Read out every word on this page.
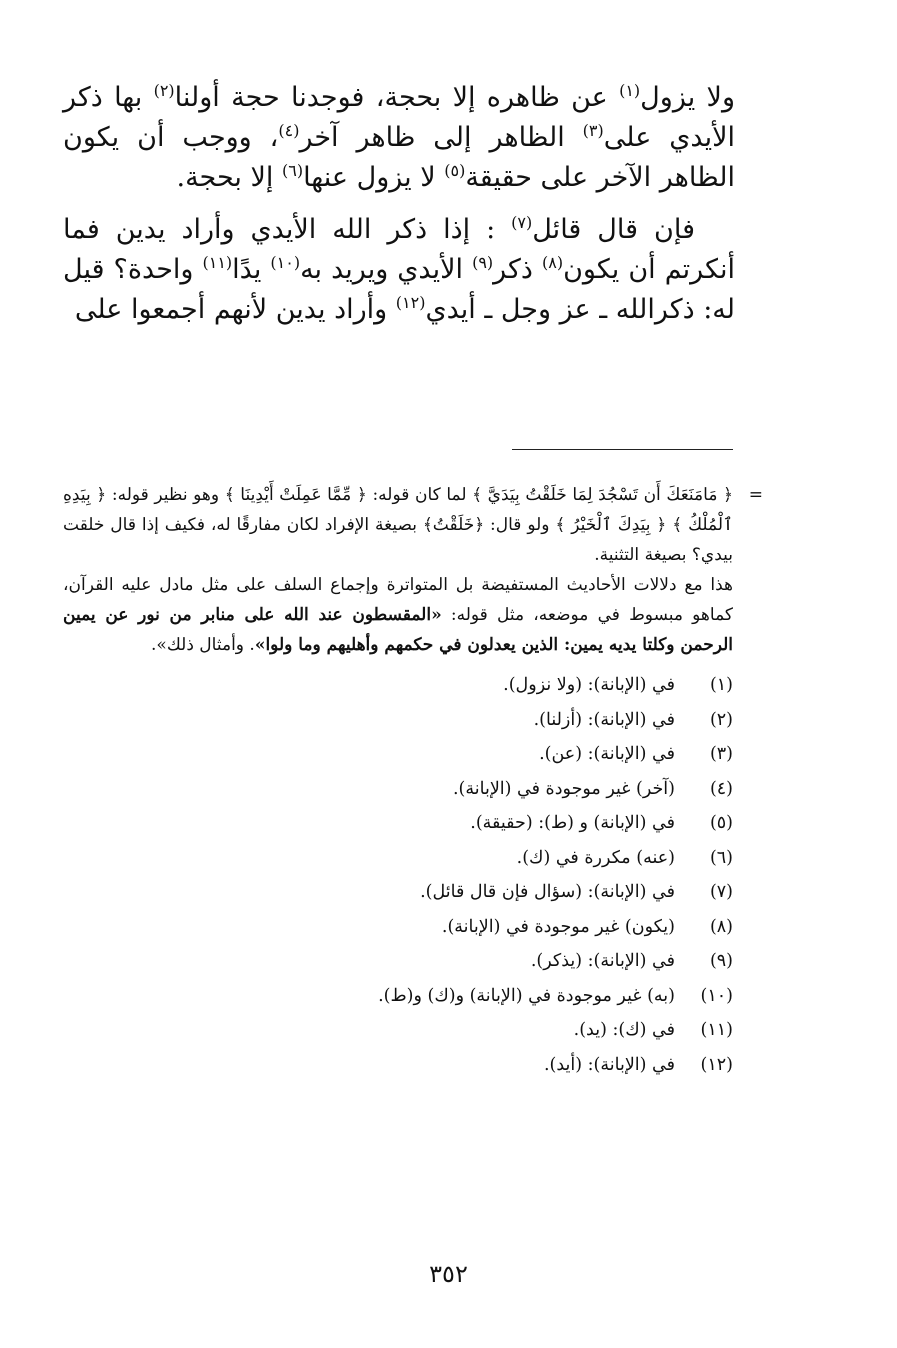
ولا يزول$^{(١)}$ عن ظاهره إلا بحجة، فوجدنا حجة أولنا$^{(٢)}$ بها ذكر الأيدي على$^{(٣)}$ الظاهر إلى ظاهر آخر$^{(٤)}$، ووجب أن يكون الظاهر الآخر على حقيقة$^{(٥)}$ لا يزول عنها$^{(٦)}$ إلا بحجة.

فإن قال قائل$^{(٧)}$ : إذا ذكر الله الأيدي وأراد يدين فما أنكرتم أن يكون$^{(٨)}$ ذكر$^{(٩)}$ الأيدي ويريد به$^{(١٠)}$ يدًا$^{(١١)}$ واحدة؟ قيل له: ذكرالله ـ عز وجل ـ أيدي$^{(١٢)}$ وأراد يدين لأنهم أجمعوا على

=

﴿ مَامَنَعَكَ أَن تَسْجُدَ لِمَا خَلَقْتُ بِيَدَيَّ ﴾ لما كان قوله: ﴿ مِّمَّا عَمِلَتْ أَيْدِينَا ﴾ وهو نظير قوله: ﴿ بِيَدِهِ ٱلْمُلْكُ ﴾ ﴿ بِيَدِكَ ٱلْخَيْرُ ﴾ ولو قال: ﴿خَلَقْتُ﴾ بصيغة الإفراد لكان مفارقًا له، فكيف إذا قال خلقت بيدي؟ بصيغة التثنية.

هذا مع دلالات الأحاديث المستفيضة بل المتواترة وإجماع السلف على مثل مادل عليه القرآن، كماهو مبسوط في موضعه، مثل قوله: «المقسطون عند الله على منابر من نور عن يمين الرحمن وكلتا يديه يمين: الذين يعدلون في حكمهم وأهليهم وما ولوا». وأمثال ذلك».

(١)
في (الإبانة): (ولا نزول).
(٢)
في (الإبانة): (أزلنا).
(٣)
في (الإبانة): (عن).
(٤)
(آخر) غير موجودة في (الإبانة).
(٥)
في (الإبانة) و (ط): (حقيقة).
(٦)
(عنه) مكررة في (ك).
(٧)
في (الإبانة): (سؤال فإن قال قائل).
(٨)
(يكون) غير موجودة في (الإبانة).
(٩)
في (الإبانة): (يذكر).
(١٠)
(به) غير موجودة في (الإبانة) و(ك) و(ط).
(١١)
في (ك): (يد).
(١٢)
في (الإبانة): (أيد).
٣٥٢
